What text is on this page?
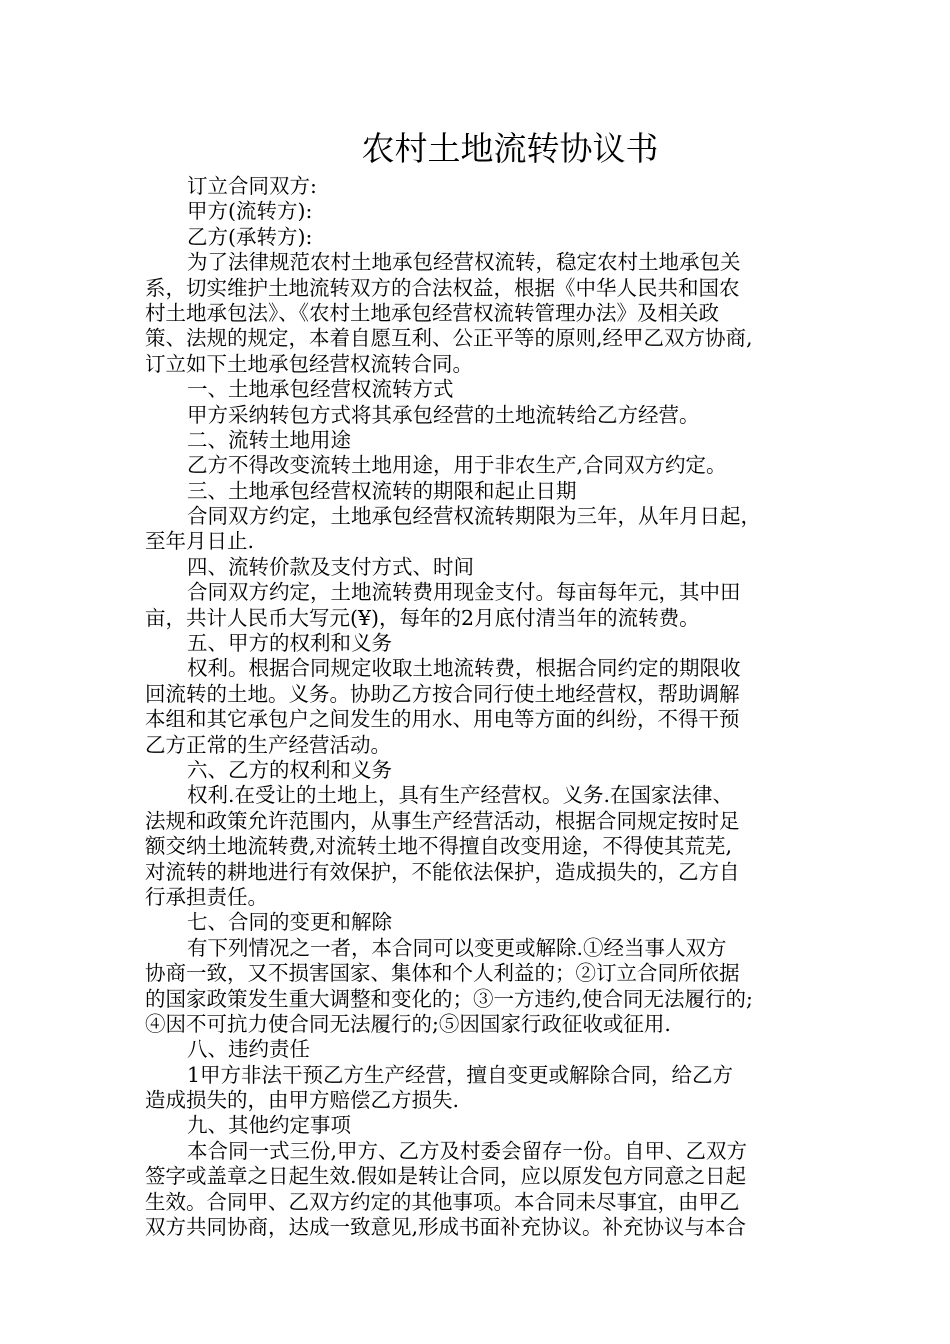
农村土地流转协议书
订立合同双方:
甲方(流转方):
乙方(承转方):
为了法律规范农村土地承包经营权流转，稳定农村土地承包关
系，切实维护土地流转双方的合法权益，根据《中华人民共和国农
村土地承包法》、《农村土地承包经营权流转管理办法》及相关政
策、法规的规定，本着自愿互利、公正平等的原则,经甲乙双方协商,
订立如下土地承包经营权流转合同。
一、土地承包经营权流转方式
甲方采纳转包方式将其承包经营的土地流转给乙方经营。
二、流转土地用途
乙方不得改变流转土地用途，用于非农生产,合同双方约定。
三、土地承包经营权流转的期限和起止日期
合同双方约定，土地承包经营权流转期限为三年，从年月日起，
至年月日止.
四、流转价款及支付方式、时间
合同双方约定，土地流转费用现金支付。每亩每年元，其中田
亩，共计人民币大写元(¥)，每年的2月底付清当年的流转费。
五、甲方的权利和义务
权利。根据合同规定收取土地流转费，根据合同约定的期限收
回流转的土地。义务。协助乙方按合同行使土地经营权，帮助调解
本组和其它承包户之间发生的用水、用电等方面的纠纷，不得干预
乙方正常的生产经营活动。
六、乙方的权利和义务
权利.在受让的土地上，具有生产经营权。义务.在国家法律、
法规和政策允许范围内，从事生产经营活动，根据合同规定按时足
额交纳土地流转费,对流转土地不得擅自改变用途，不得使其荒芜,
对流转的耕地进行有效保护，不能依法保护，造成损失的，乙方自
行承担责任。
七、合同的变更和解除
有下列情况之一者，本合同可以变更或解除.①经当事人双方
协商一致，又不损害国家、集体和个人利益的；②订立合同所依据
的国家政策发生重大调整和变化的；③一方违约,使合同无法履行的;
④因不可抗力使合同无法履行的;⑤因国家行政征收或征用.
八、违约责任
1甲方非法干预乙方生产经营，擅自变更或解除合同，给乙方
造成损失的，由甲方赔偿乙方损失.
九、其他约定事项
本合同一式三份,甲方、乙方及村委会留存一份。自甲、乙双方
签字或盖章之日起生效.假如是转让合同，应以原发包方同意之日起
生效。合同甲、乙双方约定的其他事项。本合同未尽事宜，由甲乙
双方共同协商，达成一致意见,形成书面补充协议。补充协议与本合
